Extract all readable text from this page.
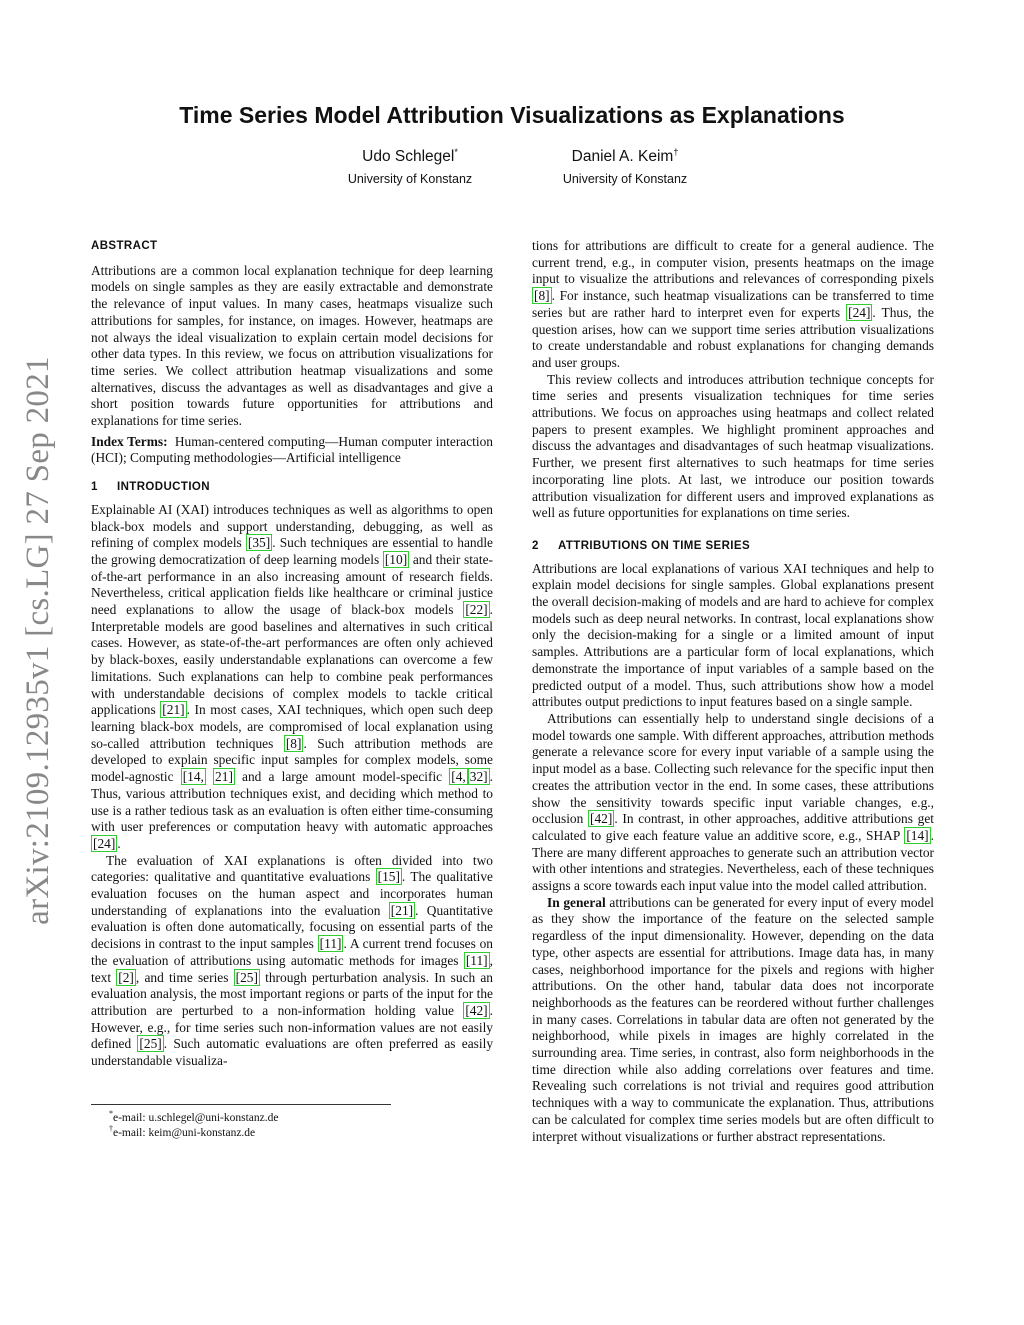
arXiv:2109.12935v1 [cs.LG] 27 Sep 2021
Time Series Model Attribution Visualizations as Explanations
Udo Schlegel*
University of Konstanz
Daniel A. Keim†
University of Konstanz
ABSTRACT

Attributions are a common local explanation technique for deep learning models on single samples as they are easily extractable and demonstrate the relevance of input values. In many cases, heatmaps visualize such attributions for samples, for instance, on images. However, heatmaps are not always the ideal visualization to explain certain model decisions for other data types. In this review, we focus on attribution visualizations for time series. We collect attribution heatmap visualizations and some alternatives, discuss the advantages as well as disadvantages and give a short position towards future opportunities for attributions and explanations for time series.

Index Terms: Human-centered computing—Human computer interaction (HCI); Computing methodologies—Artificial intelligence

1 INTRODUCTION

Explainable AI (XAI) introduces techniques as well as algorithms to open black-box models and support understanding, debugging, as well as refining of complex models [35] . Such techniques are essential to handle the growing democratization of deep learning models [10] and their state-of-the-art performance in an also increasing amount of research fields. Nevertheless, critical application fields like healthcare or criminal justice need explanations to allow the usage of black-box models [22] . Interpretable models are good baselines and alternatives in such critical cases. However, as state-of-the-art performances are often only achieved by black-boxes, easily understandable explanations can overcome a few limitations. Such explanations can help to combine peak performances with understandable decisions of complex models to tackle critical applications [21] . In most cases, XAI techniques, which open such deep learning black-box models, are compromised of local explanation using so-called attribution techniques [8] . Such attribution methods are developed to explain specific input samples for complex models, some model-agnostic [14, 21] and a large amount model-specific [4, 32] . Thus, various attribution techniques exist, and deciding which method to use is a rather tedious task as an evaluation is often either time-consuming with user preferences or computation heavy with automatic approaches [24] .

The evaluation of XAI explanations is often divided into two categories: qualitative and quantitative evaluations [15] . The qualitative evaluation focuses on the human aspect and incorporates human understanding of explanations into the evaluation [21] . Quantitative evaluation is often done automatically, focusing on essential parts of the decisions in contrast to the input samples [11] . A current trend focuses on the evaluation of attributions using automatic methods for images [11] , text [2] , and time series [25] through perturbation analysis. In such an evaluation analysis, the most important regions or parts of the input for the attribution are perturbed to a non-information holding value [42] . However, e.g., for time series such non-information values are not easily defined [25] . Such automatic evaluations are often preferred as easily understandable visualiza-

tions for attributions are difficult to create for a general audience. The current trend, e.g., in computer vision, presents heatmaps on the image input to visualize the attributions and relevances of corresponding pixels [8] . For instance, such heatmap visualizations can be transferred to time series but are rather hard to interpret even for experts [24] . Thus, the question arises, how can we support time series attribution visualizations to create understandable and robust explanations for changing demands and user groups.

This review collects and introduces attribution technique concepts for time series and presents visualization techniques for time series attributions. We focus on approaches using heatmaps and collect related papers to present examples. We highlight prominent approaches and discuss the advantages and disadvantages of such heatmap visualizations. Further, we present first alternatives to such heatmaps for time series incorporating line plots. At last, we introduce our position towards attribution visualization for different users and improved explanations as well as future opportunities for explanations on time series.

2 ATTRIBUTIONS ON TIME SERIES

Attributions are local explanations of various XAI techniques and help to explain model decisions for single samples. Global explanations present the overall decision-making of models and are hard to achieve for complex models such as deep neural networks. In contrast, local explanations show only the decision-making for a single or a limited amount of input samples. Attributions are a particular form of local explanations, which demonstrate the importance of input variables of a sample based on the predicted output of a model. Thus, such attributions show how a model attributes output predictions to input features based on a single sample.

Attributions can essentially help to understand single decisions of a model towards one sample. With different approaches, attribution methods generate a relevance score for every input variable of a sample using the input model as a base. Collecting such relevance for the specific input then creates the attribution vector in the end. In some cases, these attributions show the sensitivity towards specific input variable changes, e.g., occlusion [42] . In contrast, in other approaches, additive attributions get calculated to give each feature value an additive score, e.g., SHAP [14] . There are many different approaches to generate such an attribution vector with other intentions and strategies. Nevertheless, each of these techniques assigns a score towards each input value into the model called attribution.

In general attributions can be generated for every input of every model as they show the importance of the feature on the selected sample regardless of the input dimensionality. However, depending on the data type, other aspects are essential for attributions. Image data has, in many cases, neighborhood importance for the pixels and regions with higher attributions. On the other hand, tabular data does not incorporate neighborhoods as the features can be reordered without further challenges in many cases. Correlations in tabular data are often not generated by the neighborhood, while pixels in images are highly correlated in the surrounding area. Time series, in contrast, also form neighborhoods in the time direction while also adding correlations over features and time. Revealing such correlations is not trivial and requires good attribution techniques with a way to communicate the explanation. Thus, attributions can be calculated for complex time series models but are often difficult to interpret without visualizations or further abstract representations.

*e-mail: u.schlegel@uni-konstanz.de
†e-mail: keim@uni-konstanz.de
